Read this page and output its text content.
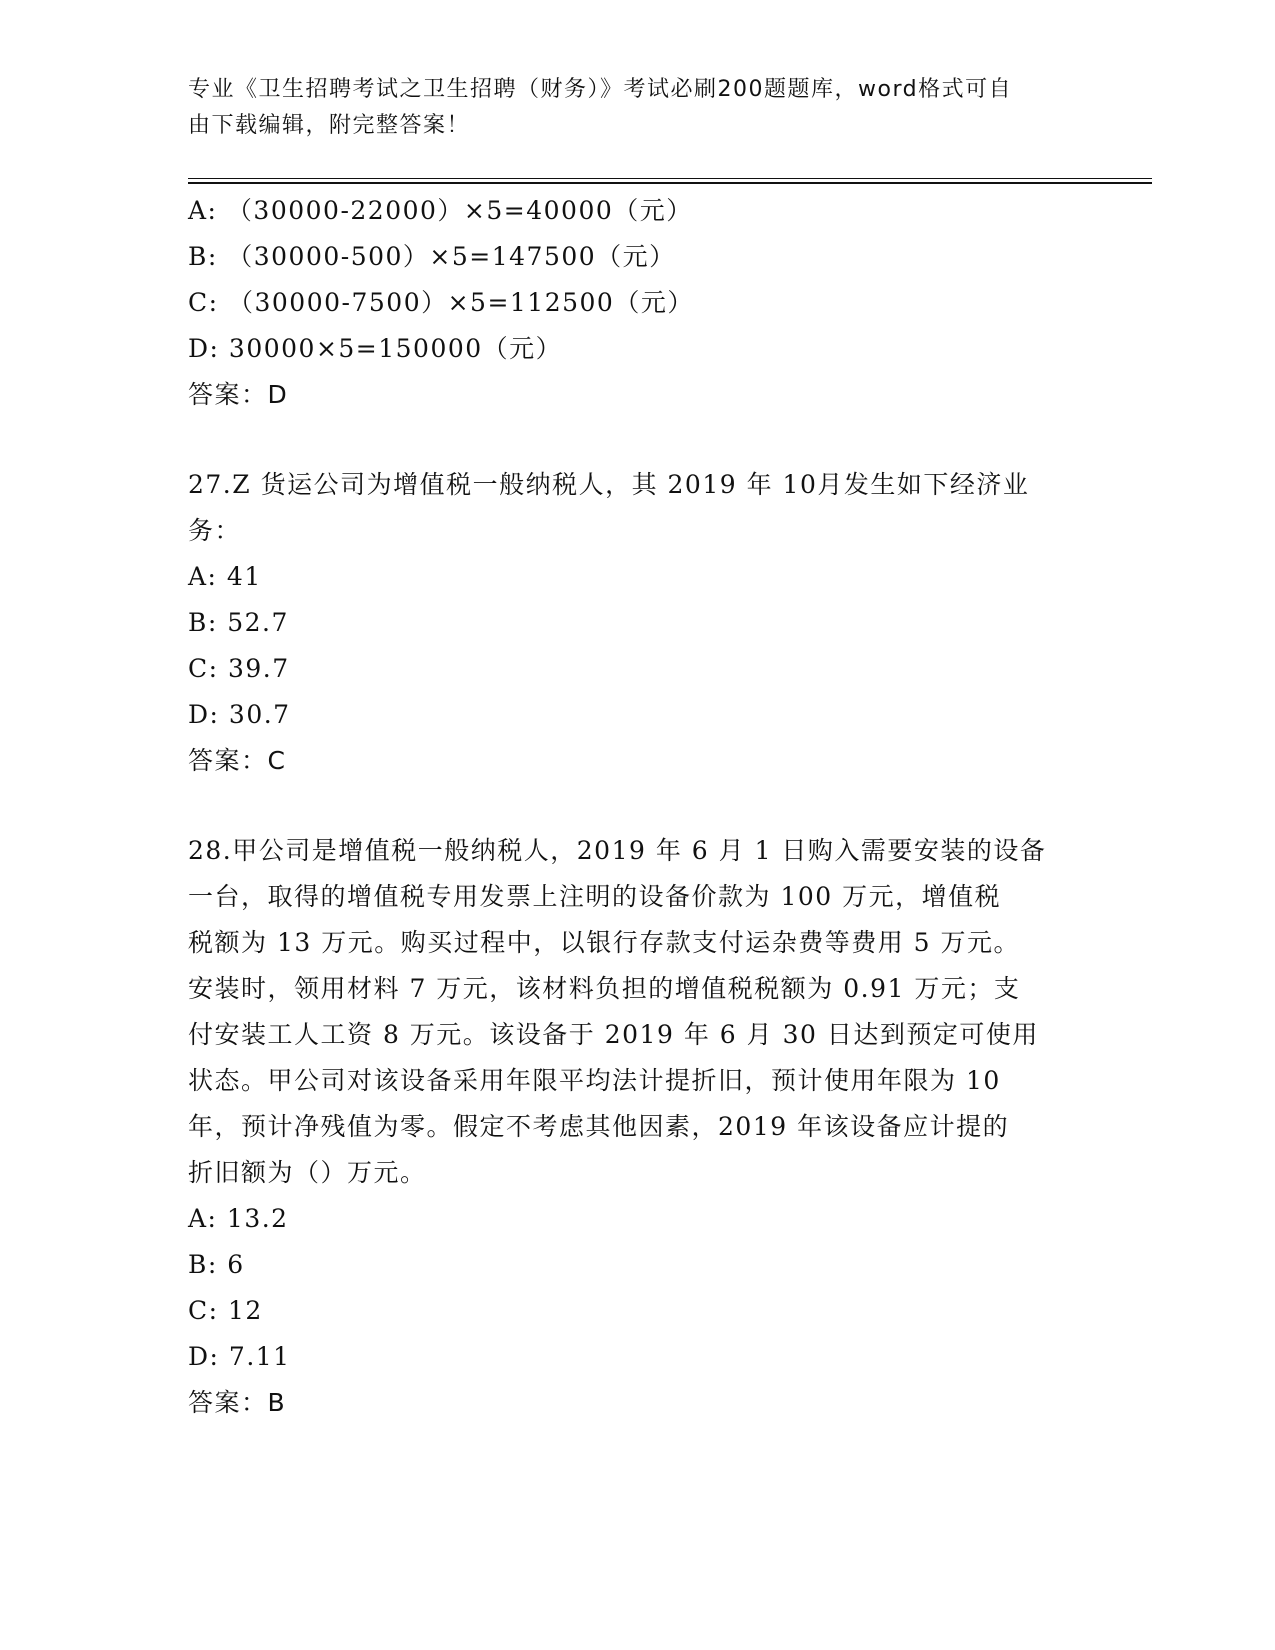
专业《卫生招聘考试之卫生招聘（财务）》考试必刷200题题库，word格式可自
由下载编辑，附完整答案！
A: （30000-22000）×5=40000（元）
B: （30000-500）×5=147500（元）
C: （30000-7500）×5=112500（元）
D: 30000×5=150000（元）
答案：D
27.Z 货运公司为增值税一般纳税人，其 2019 年 10月发生如下经济业
务：
A: 41
B: 52.7
C: 39.7
D: 30.7
答案：C
28.甲公司是增值税一般纳税人，2019 年 6 月 1 日购入需要安装的设备
一台，取得的增值税专用发票上注明的设备价款为 100 万元，增值税
税额为 13 万元。购买过程中，以银行存款支付运杂费等费用 5 万元。
安装时，领用材料 7 万元，该材料负担的增值税税额为 0.91 万元；支
付安装工人工资 8 万元。该设备于 2019 年 6 月 30 日达到预定可使用
状态。甲公司对该设备采用年限平均法计提折旧，预计使用年限为 10
年，预计净残值为零。假定不考虑其他因素，2019 年该设备应计提的
折旧额为（）万元。
A: 13.2
B: 6
C: 12
D: 7.11
答案：B
